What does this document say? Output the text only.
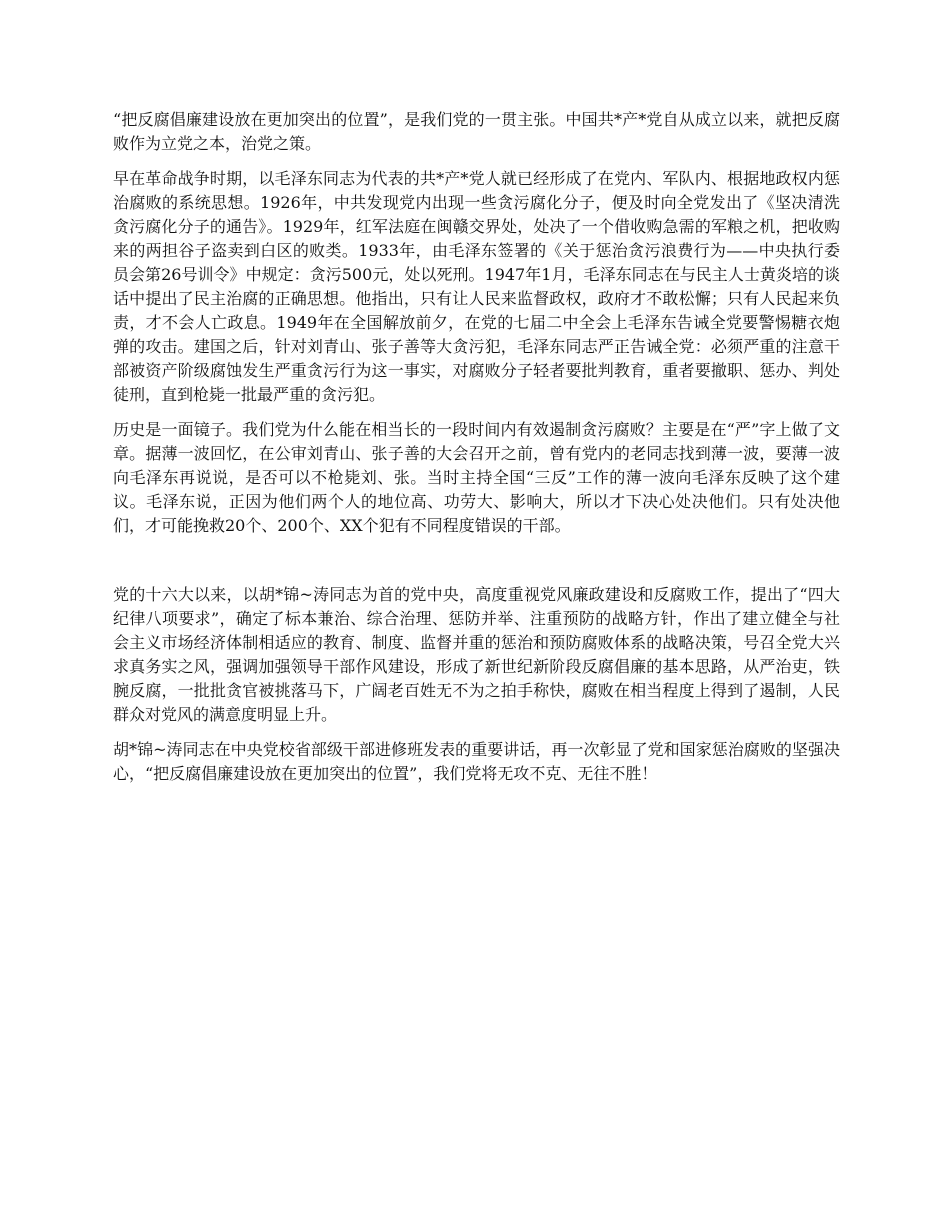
“把反腐倡廉建设放在更加突出的位置”，是我们党的一贯主张。中国共*产*党自从成立以来，就把反腐败作为立党之本，治党之策。

早在革命战争时期，以毛泽东同志为代表的共*产*党人就已经形成了在党内、军队内、根据地政权内惩治腐败的系统思想。1926年，中共发现党内出现一些贪污腐化分子，便及时向全党发出了《坚决清洗贪污腐化分子的通告》。1929年，红军法庭在闽赣交界处，处决了一个借收购急需的军粮之机，把收购来的两担谷子盗卖到白区的败类。1933年，由毛泽东签署的《关于惩治贪污浪费行为——中央执行委员会第26号训令》中规定：贪污500元，处以死刑。1947年1月，毛泽东同志在与民主人士黄炎培的谈话中提出了民主治腐的正确思想。他指出，只有让人民来监督政权，政府才不敢松懈；只有人民起来负责，才不会人亡政息。1949年在全国解放前夕，在党的七届二中全会上毛泽东告诫全党要警惕糖衣炮弹的攻击。建国之后，针对刘青山、张子善等大贪污犯，毛泽东同志严正告诫全党：必须严重的注意干部被资产阶级腐蚀发生严重贪污行为这一事实，对腐败分子轻者要批判教育，重者要撤职、惩办、判处徒刑，直到枪毙一批最严重的贪污犯。

历史是一面镜子。我们党为什么能在相当长的一段时间内有效遏制贪污腐败？主要是在“严”字上做了文章。据薄一波回忆，在公审刘青山、张子善的大会召开之前，曾有党内的老同志找到薄一波，要薄一波向毛泽东再说说，是否可以不枪毙刘、张。当时主持全国“三反”工作的薄一波向毛泽东反映了这个建议。毛泽东说，正因为他们两个人的地位高、功劳大、影响大，所以才下决心处决他们。只有处决他们，才可能挽救20个、200个、XX个犯有不同程度错误的干部。

党的十六大以来，以胡*锦~涛同志为首的党中央，高度重视党风廉政建设和反腐败工作，提出了“四大纪律八项要求”，确定了标本兼治、综合治理、惩防并举、注重预防的战略方针，作出了建立健全与社会主义市场经济体制相适应的教育、制度、监督并重的惩治和预防腐败体系的战略决策，号召全党大兴求真务实之风，强调加强领导干部作风建设，形成了新世纪新阶段反腐倡廉的基本思路，从严治吏，铁腕反腐，一批批贪官被挑落马下，广阔老百姓无不为之拍手称快，腐败在相当程度上得到了遏制，人民群众对党风的满意度明显上升。

胡*锦~涛同志在中央党校省部级干部进修班发表的重要讲话，再一次彰显了党和国家惩治腐败的坚强决心，“把反腐倡廉建设放在更加突出的位置”，我们党将无攻不克、无往不胜！
